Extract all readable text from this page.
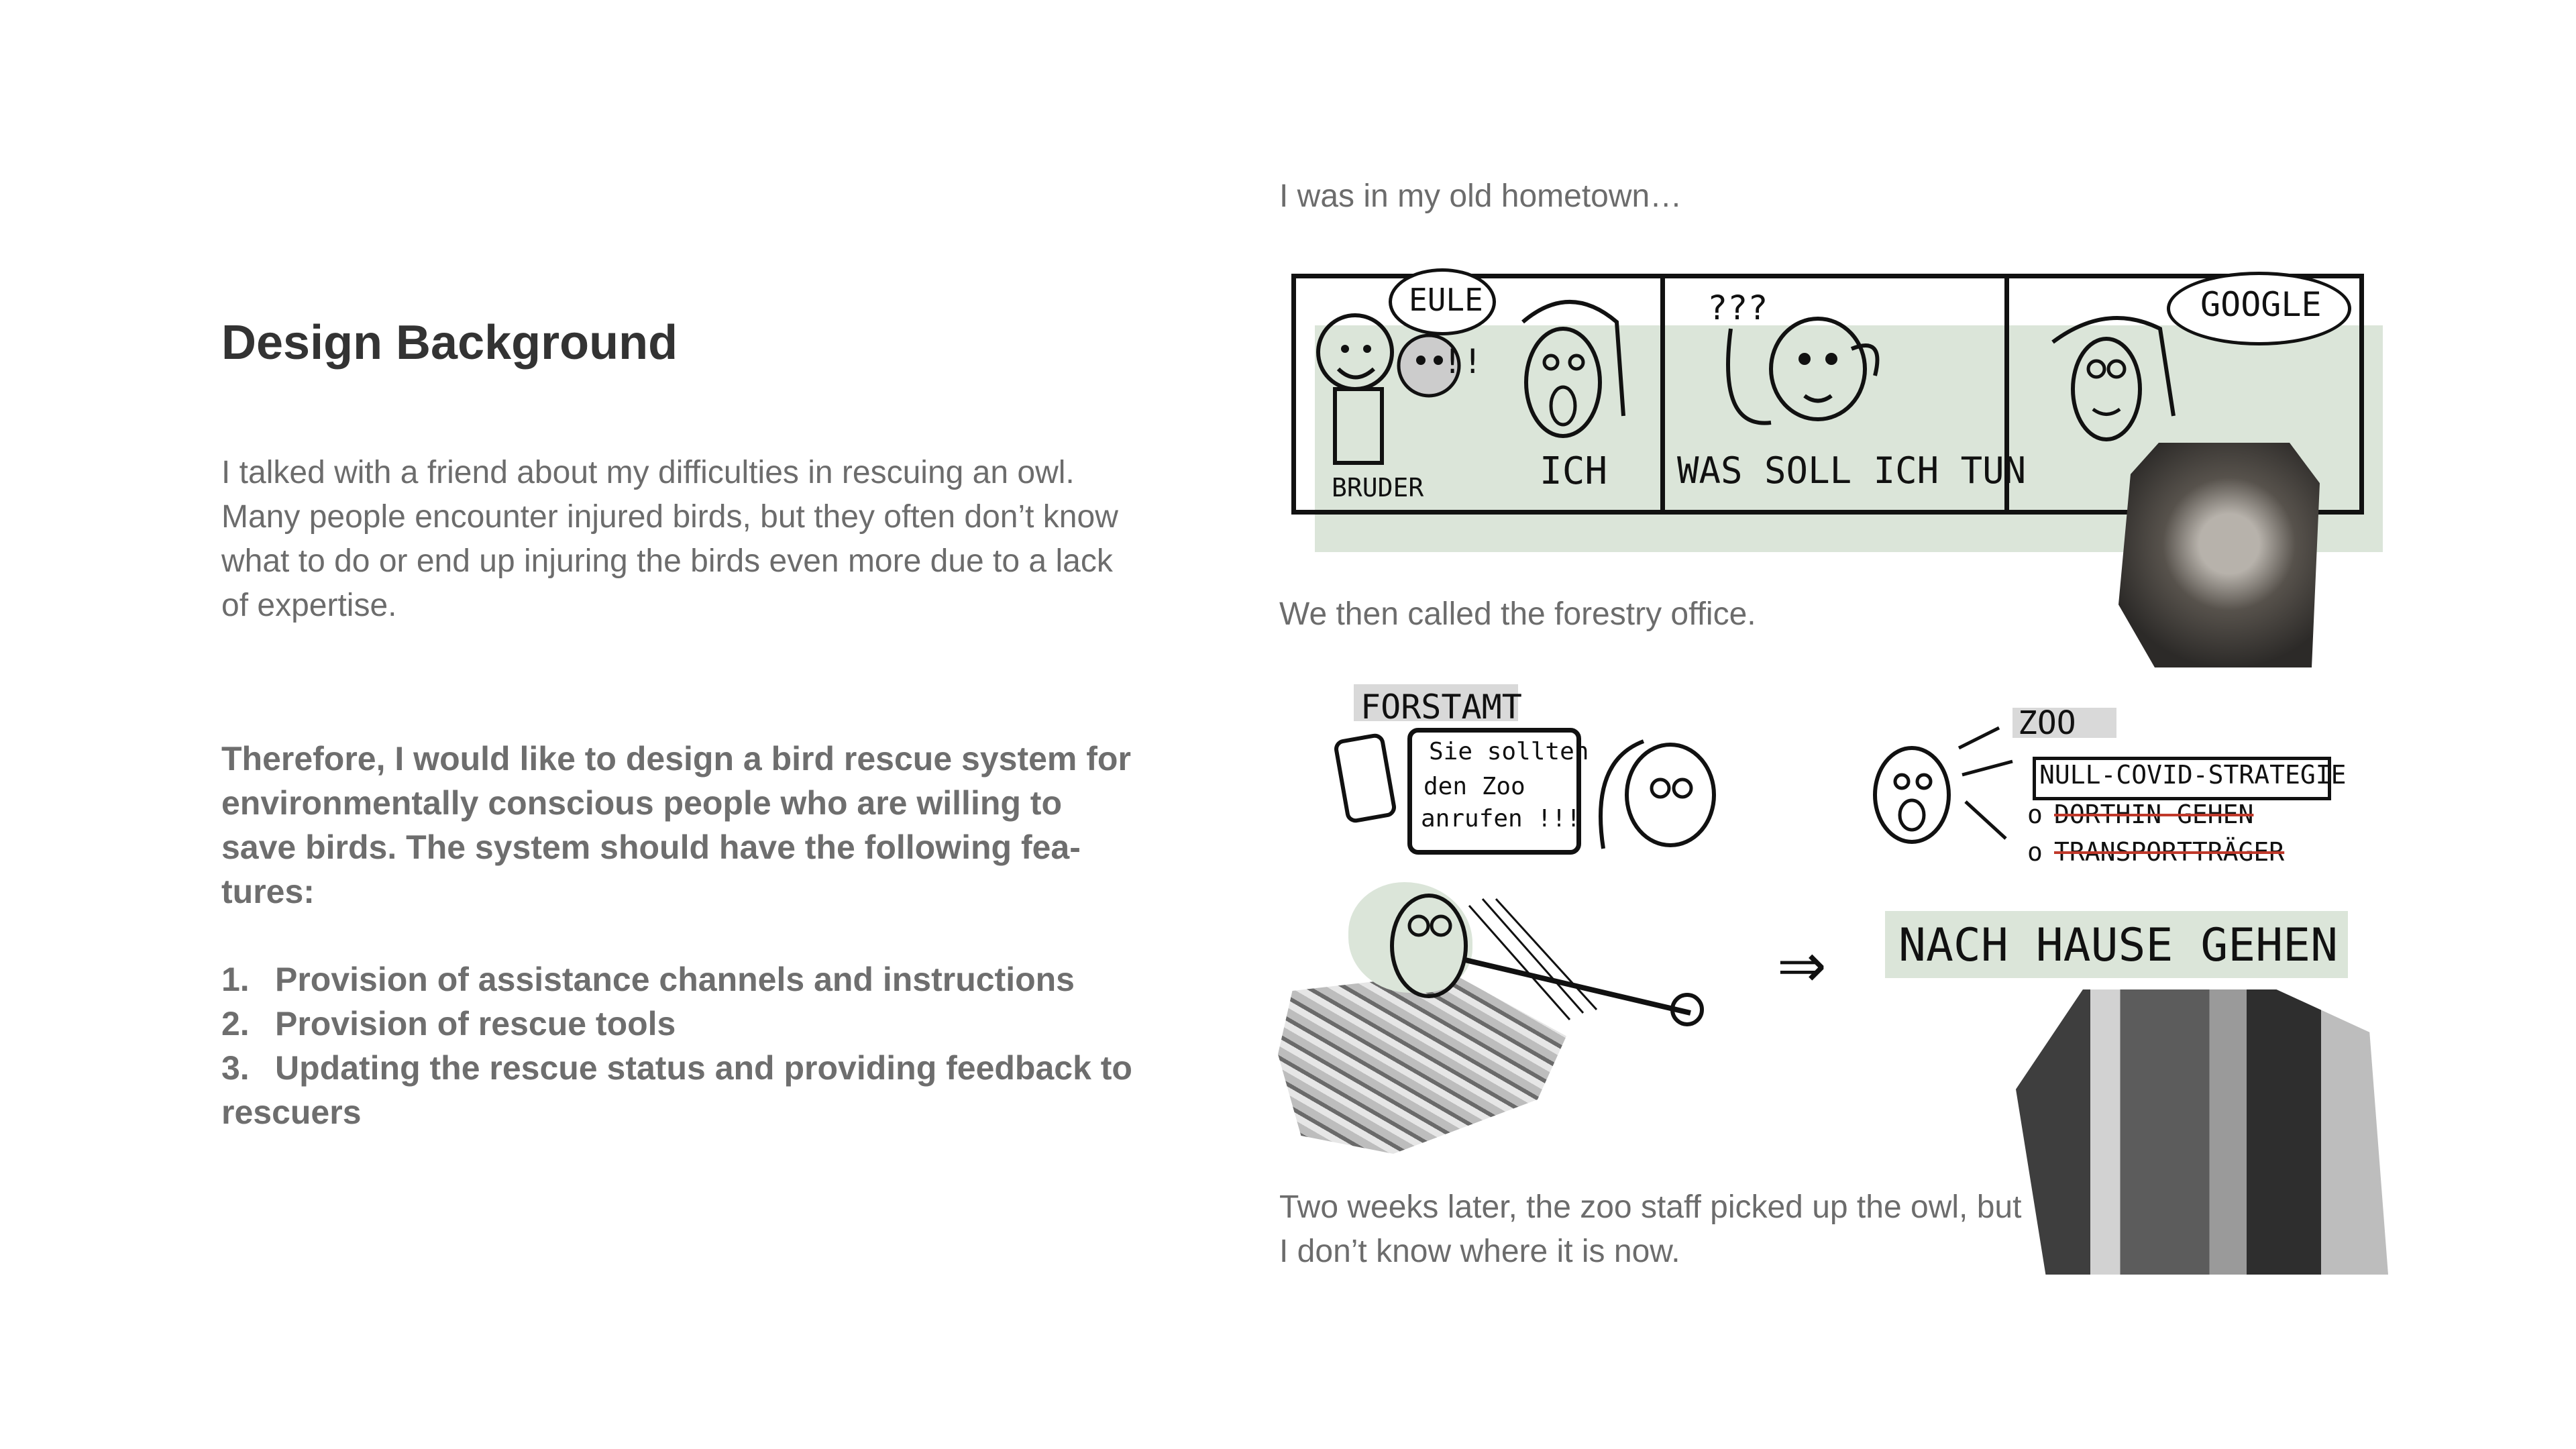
Design Background

I talked with a friend about my difficulties in rescuing an owl. Many people encounter injured birds, but they often don’t know what to do or end up injuring the birds even more due to a lack of expertise.

Therefore, I would like to design a bird rescue system for environmentally conscious people who are willing to save birds. The system should have the following fea-tures:

1. Provision of assistance channels and instructions
2. Provision of rescue tools
3. Updating the rescue status and providing feedback to rescuers

I was in my old hometown…

EULE
!!
BRUDER	ICH
???
WAS SOLL ICH TUN
GOOGLE

We then called the forestry office.

FORSTAMT
Sie sollten
den Zoo
anrufen !!!
ZOO
NULL-COVID-STRATEGIE
o DORTHIN GEHEN
o TRANSPORTTRÄGER
⇒ NACH HAUSE GEHEN

Two weeks later, the zoo staff picked up the owl, but I don’t know where it is now.
